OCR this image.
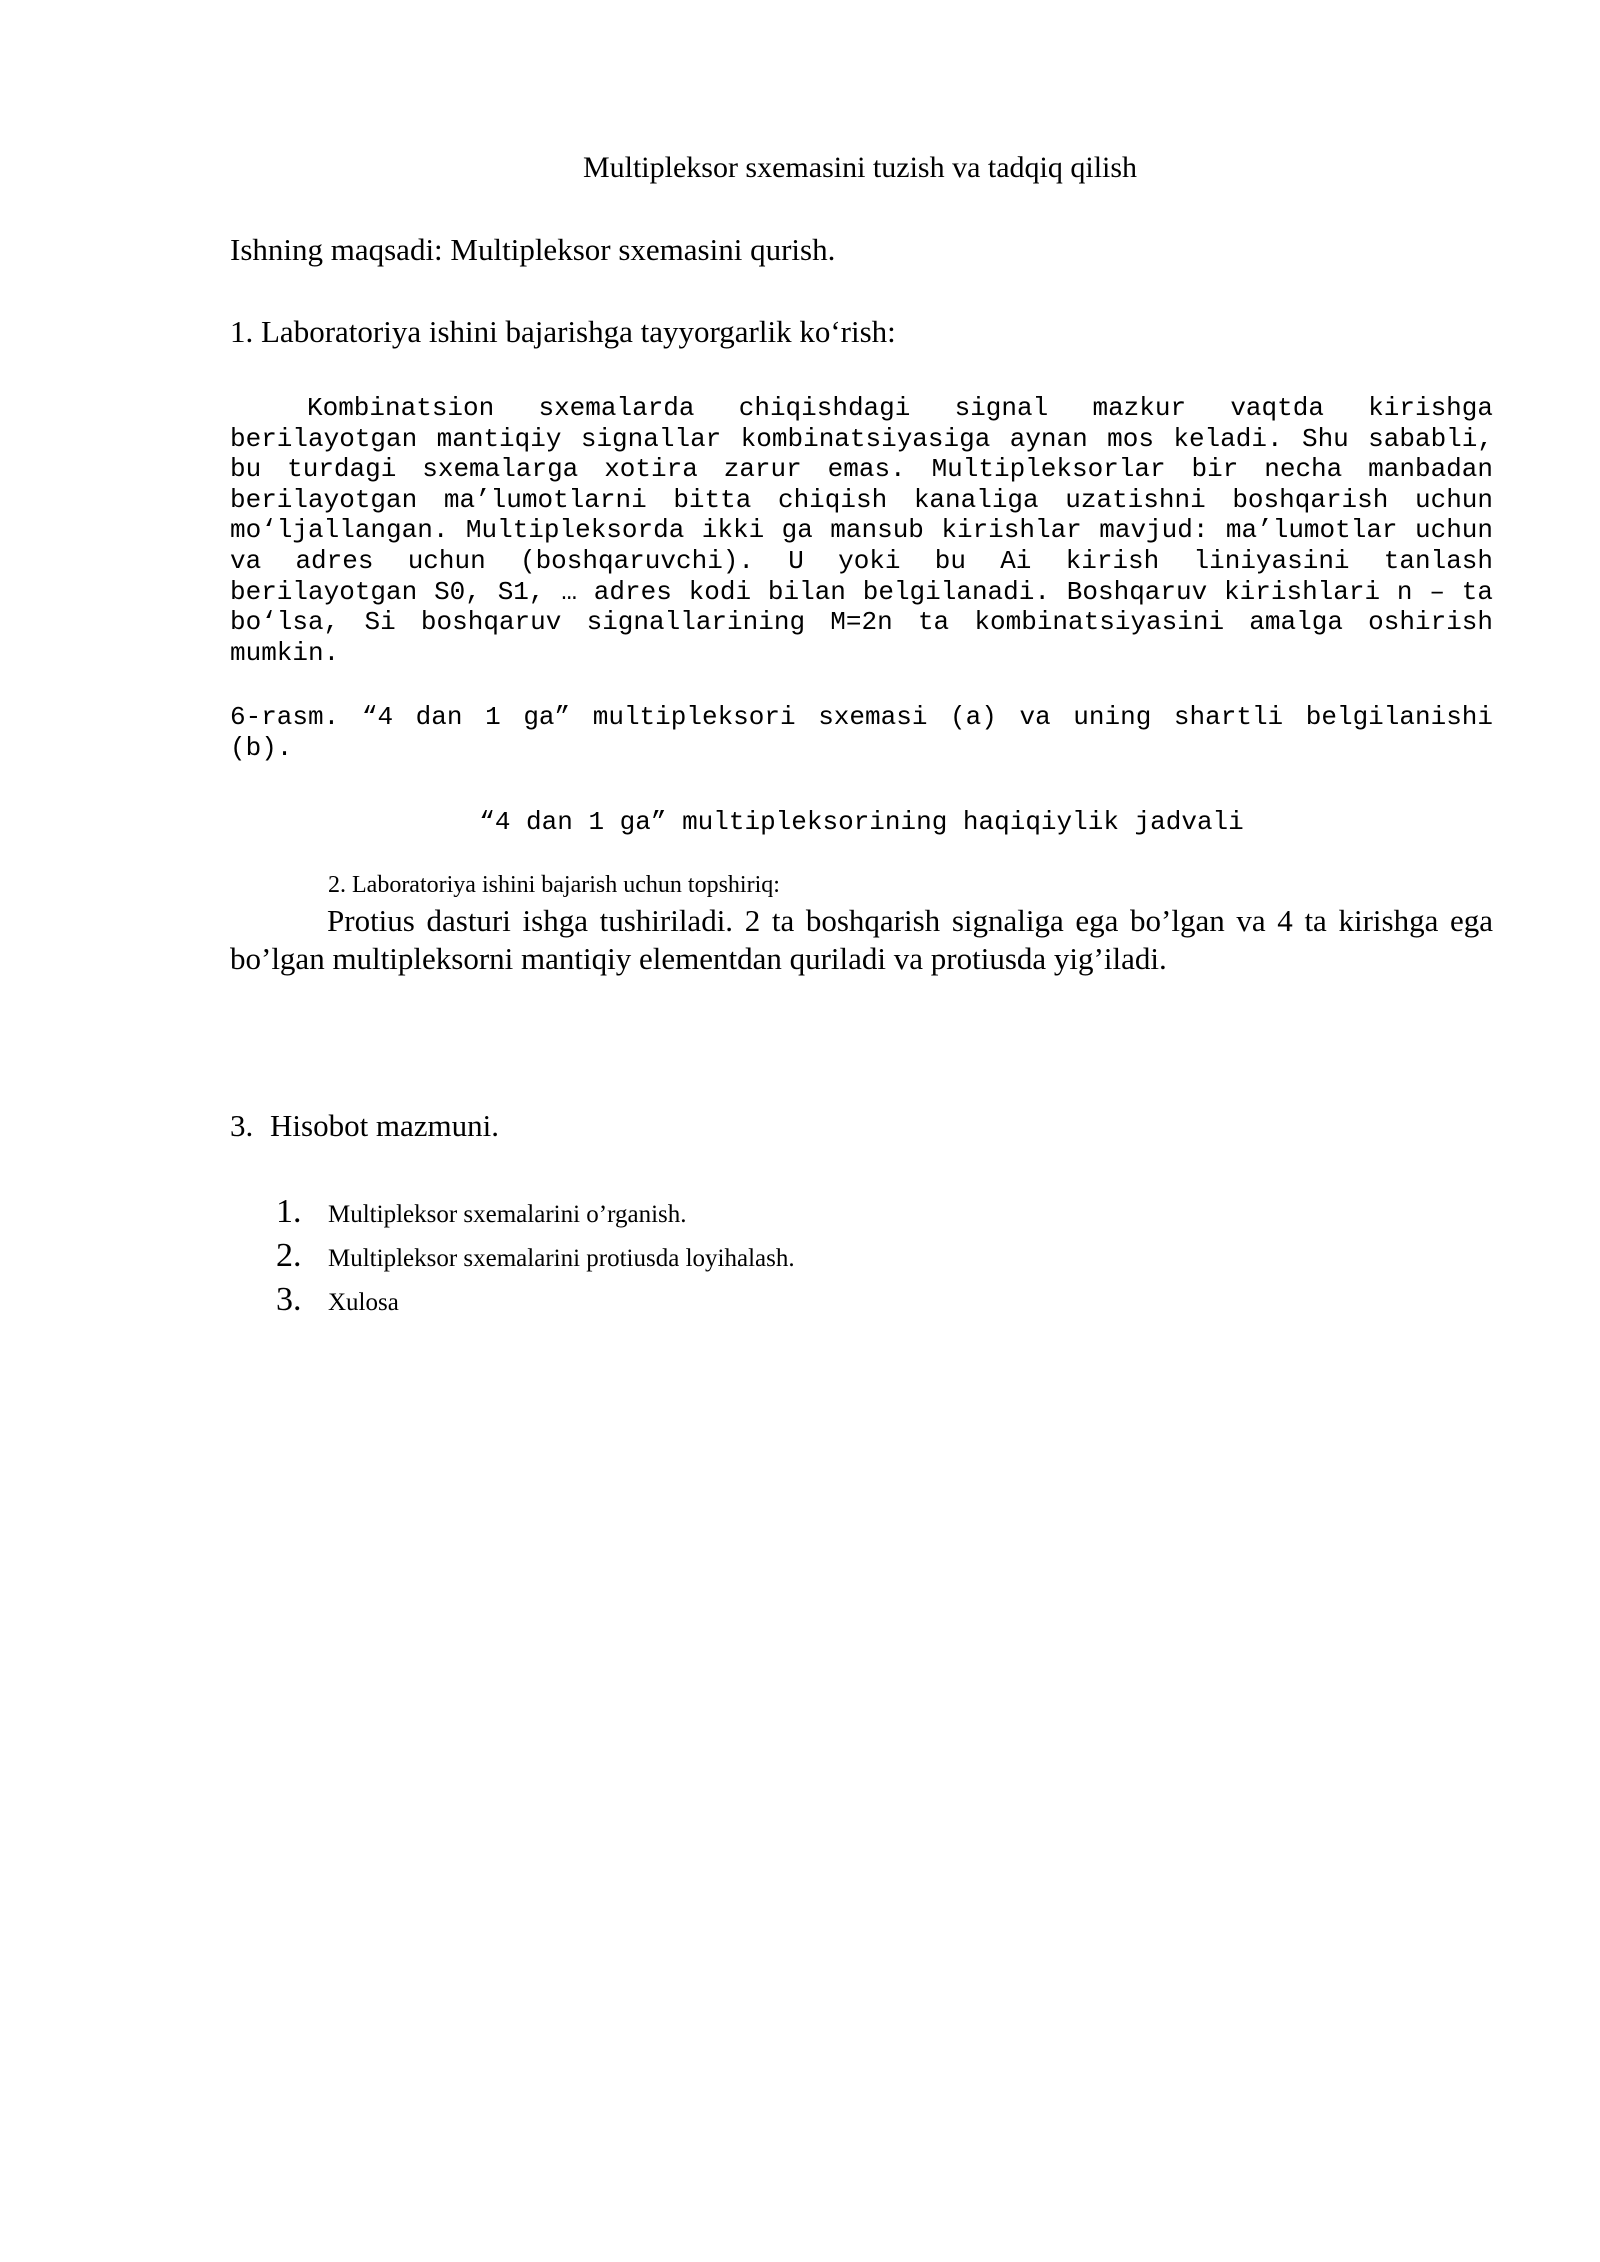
Multipleksor sxemasini tuzish va tadqiq qilish
Ishning maqsadi: Multipleksor sxemasini qurish.
1. Laboratoriya ishini bajarishga tayyorgarlik ko‘rish:

Kombinatsion sxemalarda chiqishdagi signal mazkur vaqtda kirishga berilayotgan mantiqiy signallar kombinatsiyasiga aynan mos keladi. Shu sababli, bu turdagi sxemalarga xotira zarur emas. Multipleksorlar bir necha manbadan berilayotgan ma’lumotlarni bitta chiqish kanaliga uzatishni boshqarish uchun mo‘ljallangan. Multipleksorda ikki ga mansub kirishlar mavjud: ma’lumotlar uchun va adres uchun (boshqaruvchi). U yoki bu Ai kirish liniyasini tanlash berilayotgan S0, S1, … adres kodi bilan belgilanadi. Boshqaruv kirishlari n – ta bo‘lsa, Si boshqaruv signallarining M=2n ta kombinatsiyasini amalga oshirish mumkin.

6-rasm. “4 dan 1 ga” multipleksori sxemasi (a) va uning shartli belgilanishi (b).

“4 dan 1 ga” multipleksorining haqiqiylik jadvali
2. Laboratoriya ishini bajarish uchun topshiriq:

Protius dasturi ishga tushiriladi. 2 ta boshqarish signaliga ega bo’lgan va 4 ta kirishga ega bo’lgan multipleksorni mantiqiy elementdan quriladi va protiusda yig’iladi.

3. Hisobot mazmuni.
1.	Multipleksor sxemalarini o’rganish.
2.	Multipleksor sxemalarini protiusda loyihalash.
3.	Xulosa
